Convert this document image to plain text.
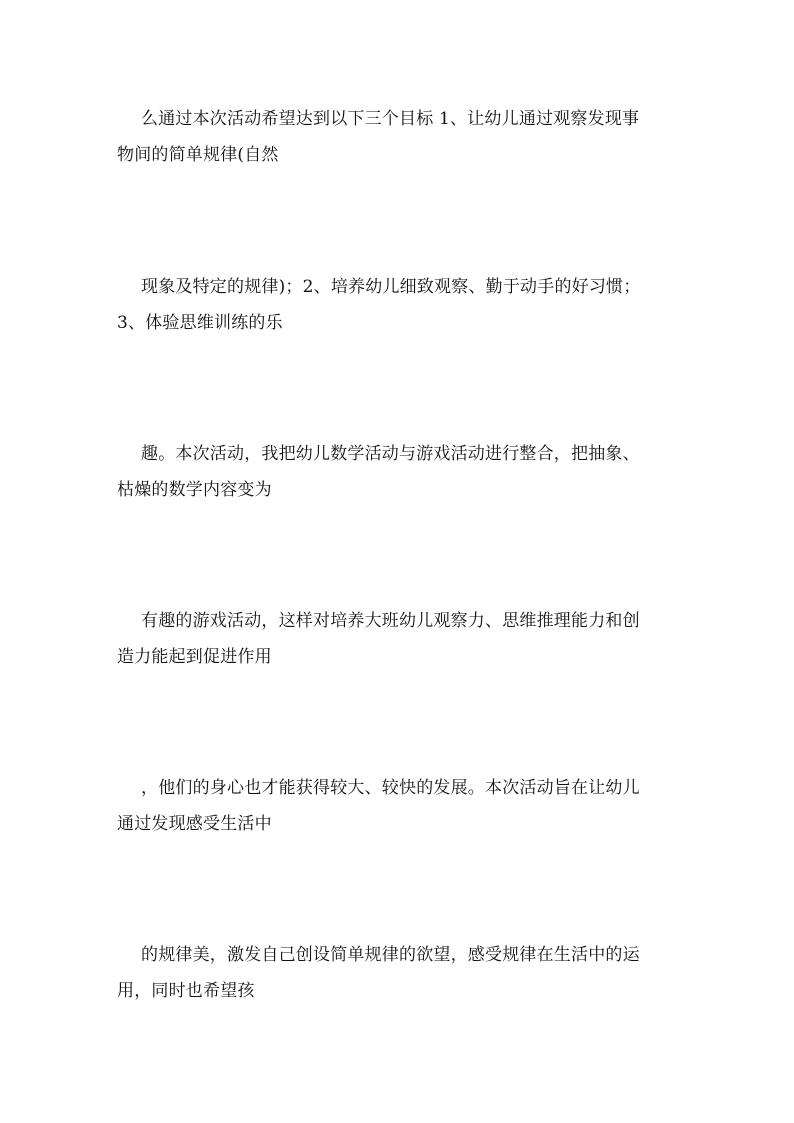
么通过本次活动希望达到以下三个目标 1、让幼儿通过观察发现事
物间的简单规律(自然

现象及特定的规律)；2、培养幼儿细致观察、勤于动手的好习惯；
3、体验思维训练的乐

趣。本次活动，我把幼儿数学活动与游戏活动进行整合，把抽象、
枯燥的数学内容变为

有趣的游戏活动，这样对培养大班幼儿观察力、思维推理能力和创
造力能起到促进作用

，他们的身心也才能获得较大、较快的发展。本次活动旨在让幼儿
通过发现感受生活中

的规律美，激发自己创设简单规律的欲望，感受规律在生活中的运
用，同时也希望孩
